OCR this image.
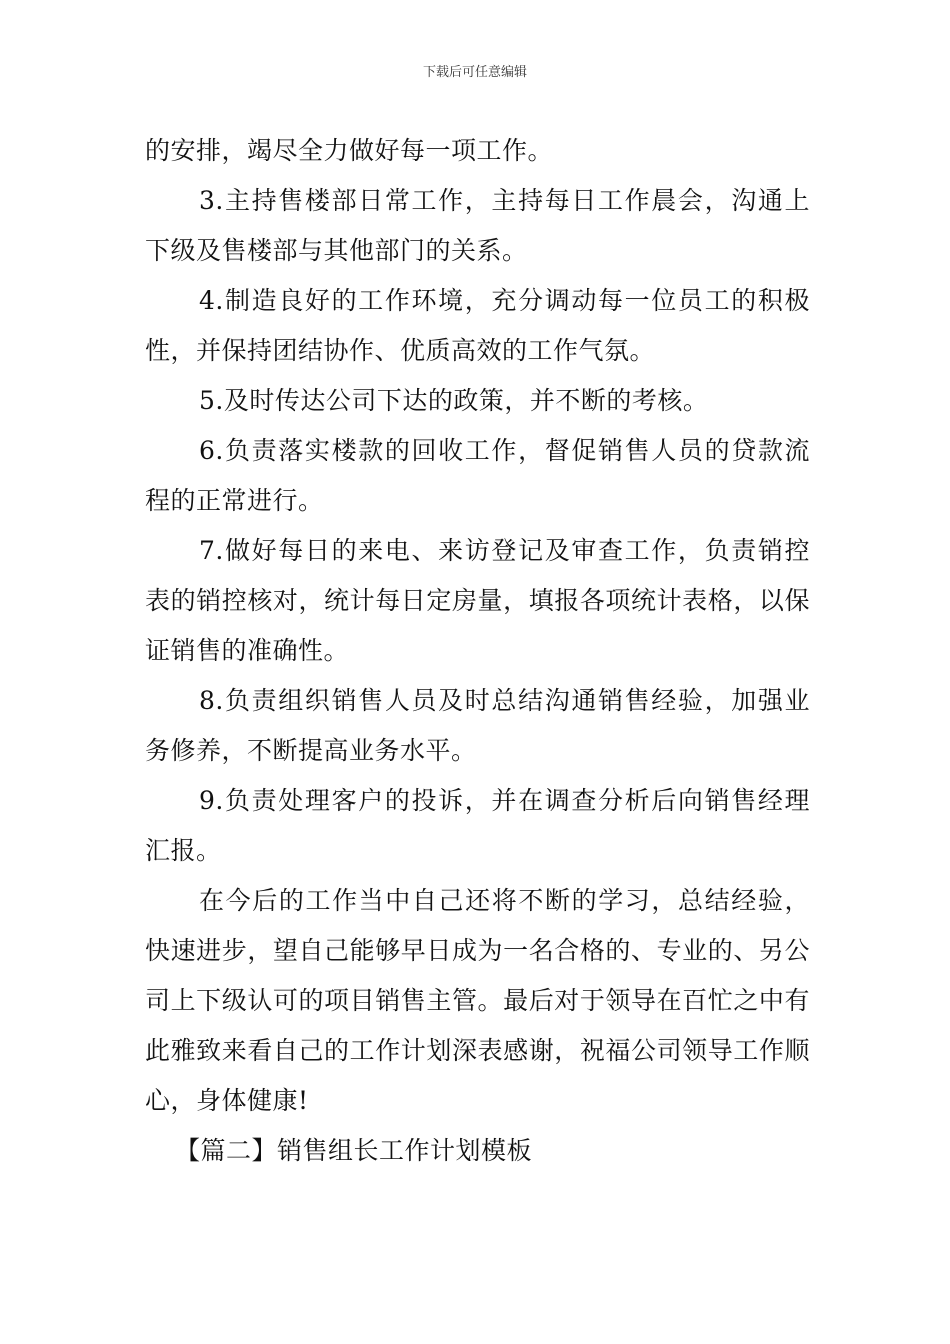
下载后可任意编辑

的安排，竭尽全力做好每一项工作。

3.主持售楼部日常工作，主持每日工作晨会，沟通上下级及售楼部与其他部门的关系。

4.制造良好的工作环境，充分调动每一位员工的积极性，并保持团结协作、优质高效的工作气氛。

5.及时传达公司下达的政策，并不断的考核。

6.负责落实楼款的回收工作，督促销售人员的贷款流程的正常进行。

7.做好每日的来电、来访登记及审查工作，负责销控表的销控核对，统计每日定房量，填报各项统计表格，以保证销售的准确性。

8.负责组织销售人员及时总结沟通销售经验，加强业务修养，不断提高业务水平。

9.负责处理客户的投诉，并在调查分析后向销售经理汇报。

在今后的工作当中自己还将不断的学习，总结经验，快速进步，望自己能够早日成为一名合格的、专业的、另公司上下级认可的项目销售主管。最后对于领导在百忙之中有此雅致来看自己的工作计划深表感谢，祝福公司领导工作顺心，身体健康!

【篇二】销售组长工作计划模板
